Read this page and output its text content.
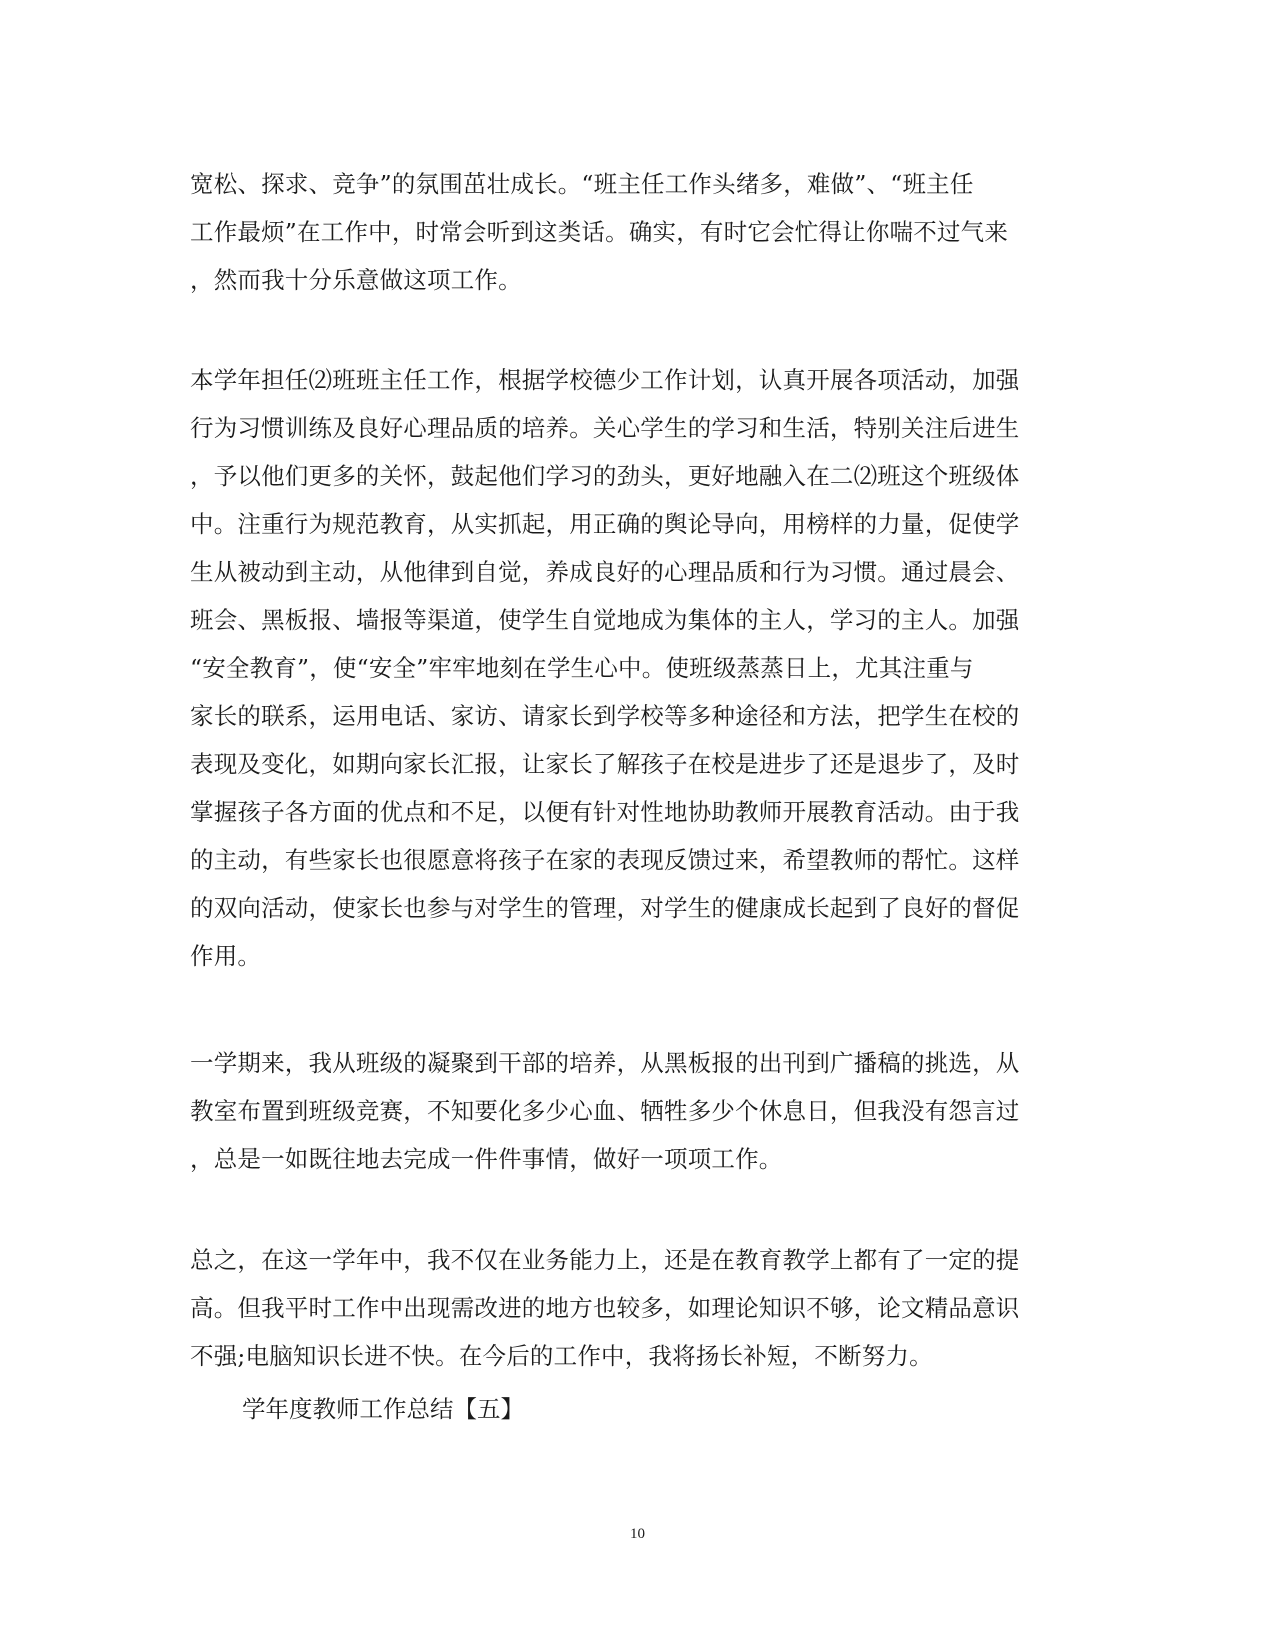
宽松、探求、竞争”的氛围茁壮成长。“班主任工作头绪多，难做”、“班主任
工作最烦”在工作中，时常会听到这类话。确实，有时它会忙得让你喘不过气来
，然而我十分乐意做这项工作。
本学年担任⑵班班主任工作，根据学校德少工作计划，认真开展各项活动，加强
行为习惯训练及良好心理品质的培养。关心学生的学习和生活，特别关注后进生
，予以他们更多的关怀，鼓起他们学习的劲头，更好地融入在二⑵班这个班级体
中。注重行为规范教育，从实抓起，用正确的舆论导向，用榜样的力量，促使学
生从被动到主动，从他律到自觉，养成良好的心理品质和行为习惯。通过晨会、
班会、黑板报、墙报等渠道，使学生自觉地成为集体的主人，学习的主人。加强
“安全教育”，使“安全”牢牢地刻在学生心中。使班级蒸蒸日上，尤其注重与
家长的联系，运用电话、家访、请家长到学校等多种途径和方法，把学生在校的
表现及变化，如期向家长汇报，让家长了解孩子在校是进步了还是退步了，及时
掌握孩子各方面的优点和不足，以便有针对性地协助教师开展教育活动。由于我
的主动，有些家长也很愿意将孩子在家的表现反馈过来，希望教师的帮忙。这样
的双向活动，使家长也参与对学生的管理，对学生的健康成长起到了良好的督促
作用。
一学期来，我从班级的凝聚到干部的培养，从黑板报的出刊到广播稿的挑选，从
教室布置到班级竞赛，不知要化多少心血、牺牲多少个休息日，但我没有怨言过
，总是一如既往地去完成一件件事情，做好一项项工作。
总之，在这一学年中，我不仅在业务能力上，还是在教育教学上都有了一定的提
高。但我平时工作中出现需改进的地方也较多，如理论知识不够，论文精品意识
不强;电脑知识长进不快。在今后的工作中，我将扬长补短，不断努力。
学年度教师工作总结【五】
10
